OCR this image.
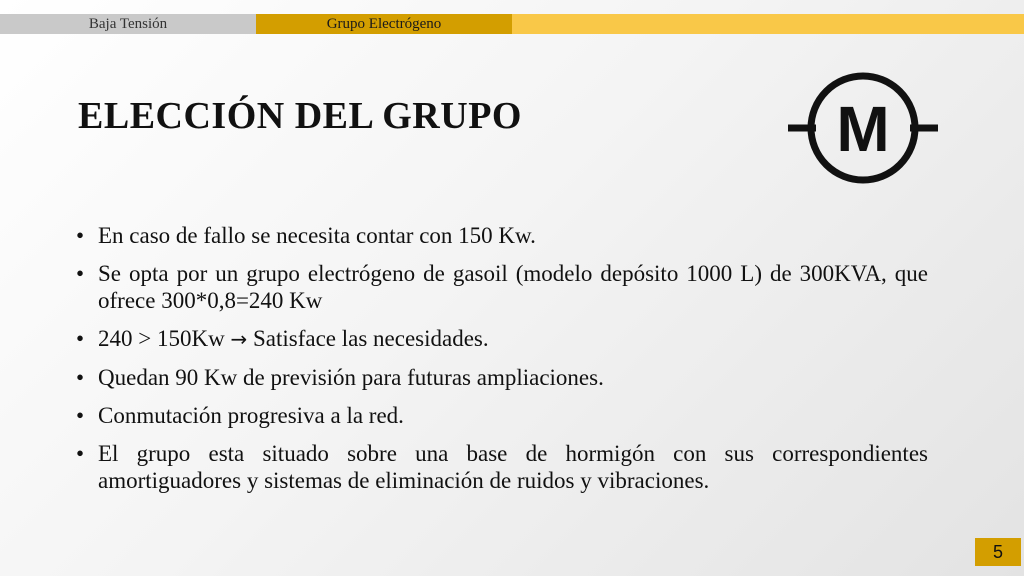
Baja Tensión	Grupo Electrógeno
ELECCIÓN DEL GRUPO	M
• En caso de fallo se necesita contar con 150 Kw.
• Se opta por un grupo electrógeno de gasoil (modelo depósito 1000 L) de 300KVA, que ofrece 300*0,8=240 Kw
• 240 > 150Kw → Satisface las necesidades.
• Quedan 90 Kw de previsión para futuras ampliaciones.
• Conmutación progresiva a la red.
• El grupo esta situado sobre una base de hormigón con sus correspondientes amortiguadores y sistemas de eliminación de ruidos y vibraciones.
5
